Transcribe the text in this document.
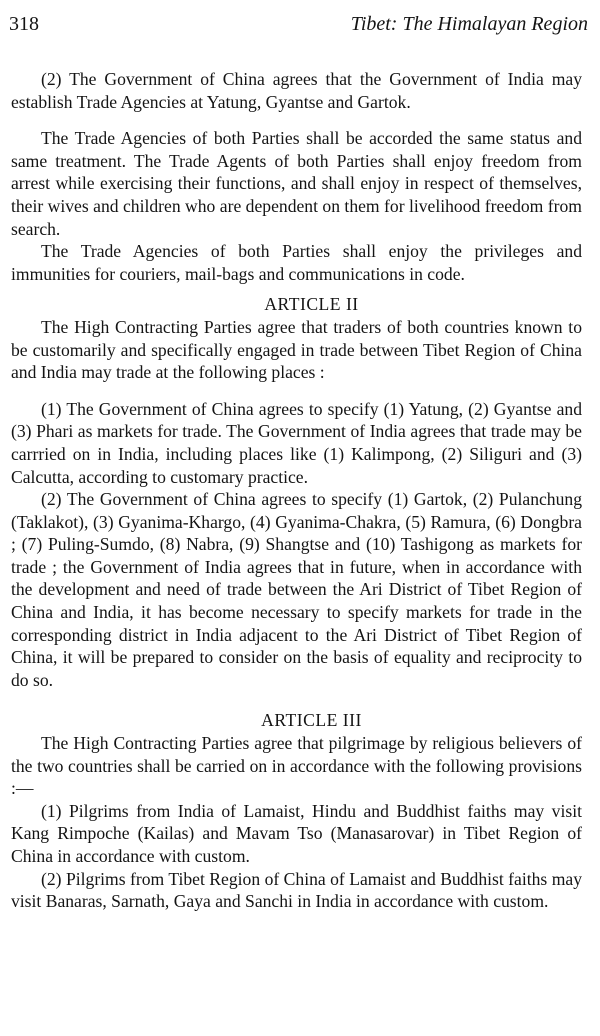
318	Tibet: The Himalayan Region

(2) The Government of China agrees that the Government of India may establish Trade Agencies at Yatung, Gyantse and Gartok.

The Trade Agencies of both Parties shall be accorded the same status and same treatment. The Trade Agents of both Parties shall enjoy freedom from arrest while exercising their functions, and shall enjoy in respect of themselves, their wives and children who are dependent on them for livelihood freedom from search.

The Trade Agencies of both Parties shall enjoy the privileges and immunities for couriers, mail-bags and communications in code.

ARTICLE II

The High Contracting Parties agree that traders of both countries known to be customarily and specifically engaged in trade between Tibet Region of China and India may trade at the following places :

(1) The Government of China agrees to specify (1) Yatung, (2) Gyantse and (3) Phari as markets for trade. The Government of India agrees that trade may be carrried on in India, including places like (1) Kalimpong, (2) Siliguri and (3) Calcutta, according to customary practice.

(2) The Government of China agrees to specify (1) Gartok, (2) Pulanchung (Taklakot), (3) Gyanima-Khargo, (4) Gyanima-Chakra, (5) Ramura, (6) Dongbra ; (7) Puling-Sumdo, (8) Nabra, (9) Shangtse and (10) Tashigong as markets for trade ; the Government of India agrees that in future, when in accordance with the development and need of trade between the Ari District of Tibet Region of China and India, it has become necessary to specify markets for trade in the corresponding district in India adjacent to the Ari District of Tibet Region of China, it will be prepared to consider on the basis of equality and reciprocity to do so.

ARTICLE III

The High Contracting Parties agree that pilgrimage by religious believers of the two countries shall be carried on in accordance with the following provisions :—

(1) Pilgrims from India of Lamaist, Hindu and Buddhist faiths may visit Kang Rimpoche (Kailas) and Mavam Tso (Manasarovar) in Tibet Region of China in accordance with custom.

(2) Pilgrims from Tibet Region of China of Lamaist and Buddhist faiths may visit Banaras, Sarnath, Gaya and Sanchi in India in accordance with custom.
